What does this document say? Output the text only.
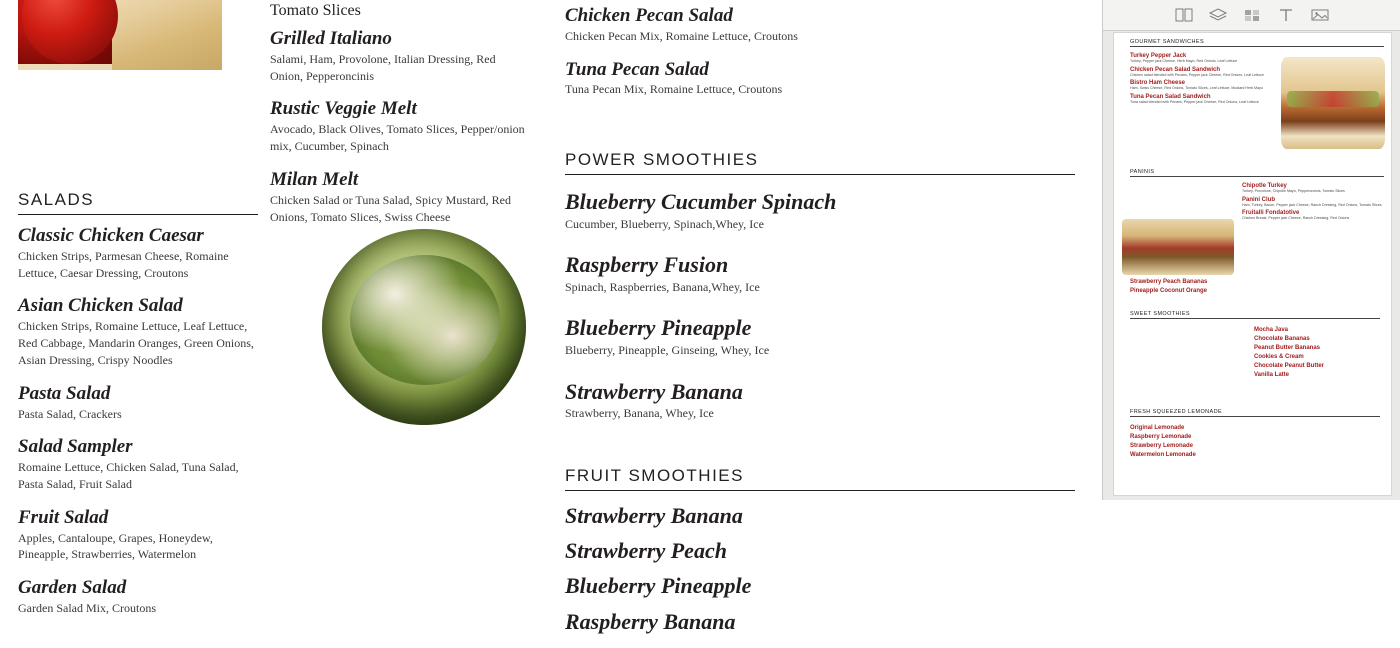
SALADS
Classic Chicken Caesar
Chicken Strips, Parmesan Cheese, Romaine Lettuce, Caesar Dressing, Croutons
Asian Chicken Salad
Chicken Strips, Romaine Lettuce, Leaf Lettuce, Red Cabbage, Mandarin Oranges, Green Onions, Asian Dressing, Crispy Noodles
Pasta Salad
Pasta Salad, Crackers
Salad Sampler
Romaine Lettuce, Chicken Salad, Tuna Salad, Pasta Salad, Fruit Salad
Fruit Salad
Apples, Cantaloupe, Grapes, Honeydew, Pineapple, Strawberries, Watermelon
Garden Salad
Garden Salad Mix, Croutons
Tomato Slices
Grilled Italiano
Salami, Ham, Provolone, Italian Dressing, Red Onion, Pepperoncinis
Rustic Veggie Melt
Avocado, Black Olives, Tomato Slices, Pepper/onion mix, Cucumber, Spinach
Milan Melt
Chicken Salad or Tuna Salad, Spicy Mustard, Red Onions, Tomato Slices, Swiss Cheese
Chicken Pecan Salad
Chicken Pecan Mix, Romaine Lettuce, Croutons
Tuna Pecan Salad
Tuna Pecan Mix, Romaine Lettuce, Croutons
POWER SMOOTHIES
Blueberry Cucumber Spinach
Cucumber, Blueberry, Spinach,Whey, Ice
Raspberry Fusion
Spinach, Raspberries, Banana,Whey, Ice
Blueberry Pineapple
Blueberry, Pineapple, Ginseing, Whey, Ice
Strawberry Banana
Strawberry, Banana, Whey, Ice
FRUIT SMOOTHIES
Strawberry Banana
Strawberry Peach
Blueberry Pineapple
Raspberry Banana
GOURMET SANDWICHES
Turkey Pepper Jack
Turkey, Pepper jack Cheese, Herb Mayo, Red Onions, Leaf Lettuce
Chicken Pecan Salad Sandwich
Chicken salad blended with Pecans, Pepper jack Cheese, Red Onions, Leaf Lettuce
Bistro Ham Cheese
Ham, Swiss Cheese, Red Onions, Tomato Slices, Leaf Lettuce, Mustard Herb Mayo
Tuna Pecan Salad Sandwich
Tuna salad blended with Pecans, Pepper jack Cheese, Red Onions, Leaf Lettuce
PANINIS
Chipotle Turkey
Turkey, Provolone, Chipotle Mayo, Pepperoncinis, Tomato Slices
Panini Club
Ham, Turkey, Bacon, Pepper jack Cheese, Ranch Dressing, Red Onions, Tomato Slices
Fruitalli Fondatotive
Chicken Breast, Pepper jack Cheese, Ranch Dressing, Red Onions
Strawberry Peach Bananas
Pineapple Coconut Orange
SWEET SMOOTHIES
Mocha Java
Chocolate Bananas
Peanut Butter Bananas
Cookies & Cream
Chocolate Peanut Butter
Vanilla Latte
FRESH SQUEEZED LEMONADE
Original Lemonade
Raspberry Lemonade
Strawberry Lemonade
Watermelon Lemonade
